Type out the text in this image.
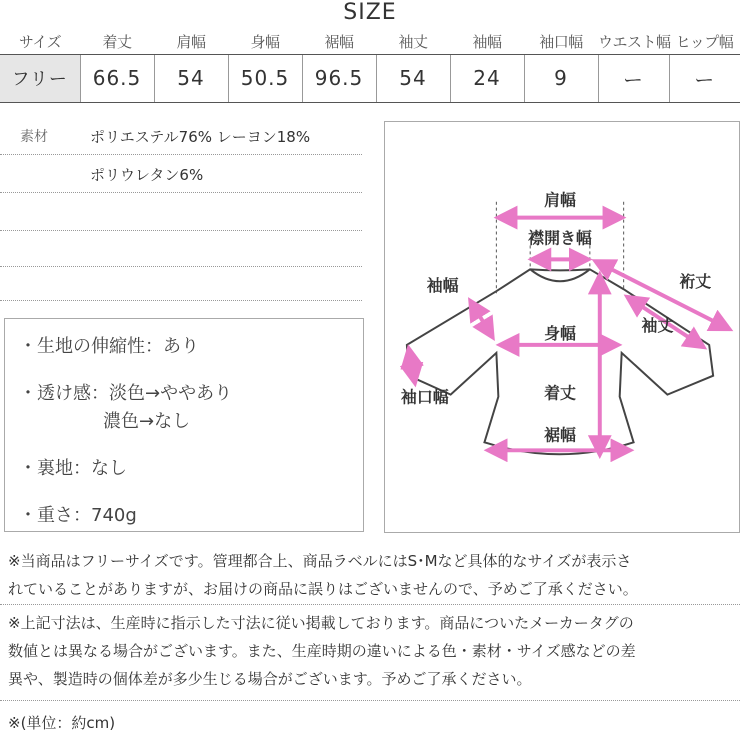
SIZE
サイズ	着丈	肩幅	身幅	裾幅	袖丈	袖幅	袖口幅	ウエスト幅	ヒップ幅
フリー	66.5	54	50.5	96.5	54	24	9	ー	ー
素材	ポリエステル76% レーヨン18%
ポリウレタン6%
・生地の伸縮性：あり
・透け感：淡色→ややあり
濃色→なし
・裏地：なし
・重さ：740g
肩幅
襟開き幅
袖幅	裄丈
身幅	袖丈
袖口幅	着丈
裾幅
※当商品はフリーサイズです。管理都合上、商品ラベルにはS･Mなど具体的なサイズが表示さ
れていることがありますが、お届けの商品に誤りはございませんので、予めご了承ください。
※上記寸法は、生産時に指示した寸法に従い掲載しております。商品についたメーカータグの
数値とは異なる場合がございます。また、生産時期の違いによる色・素材・サイズ感などの差
異や、製造時の個体差が多少生じる場合がございます。予めご了承ください。
※(単位：約cm)
